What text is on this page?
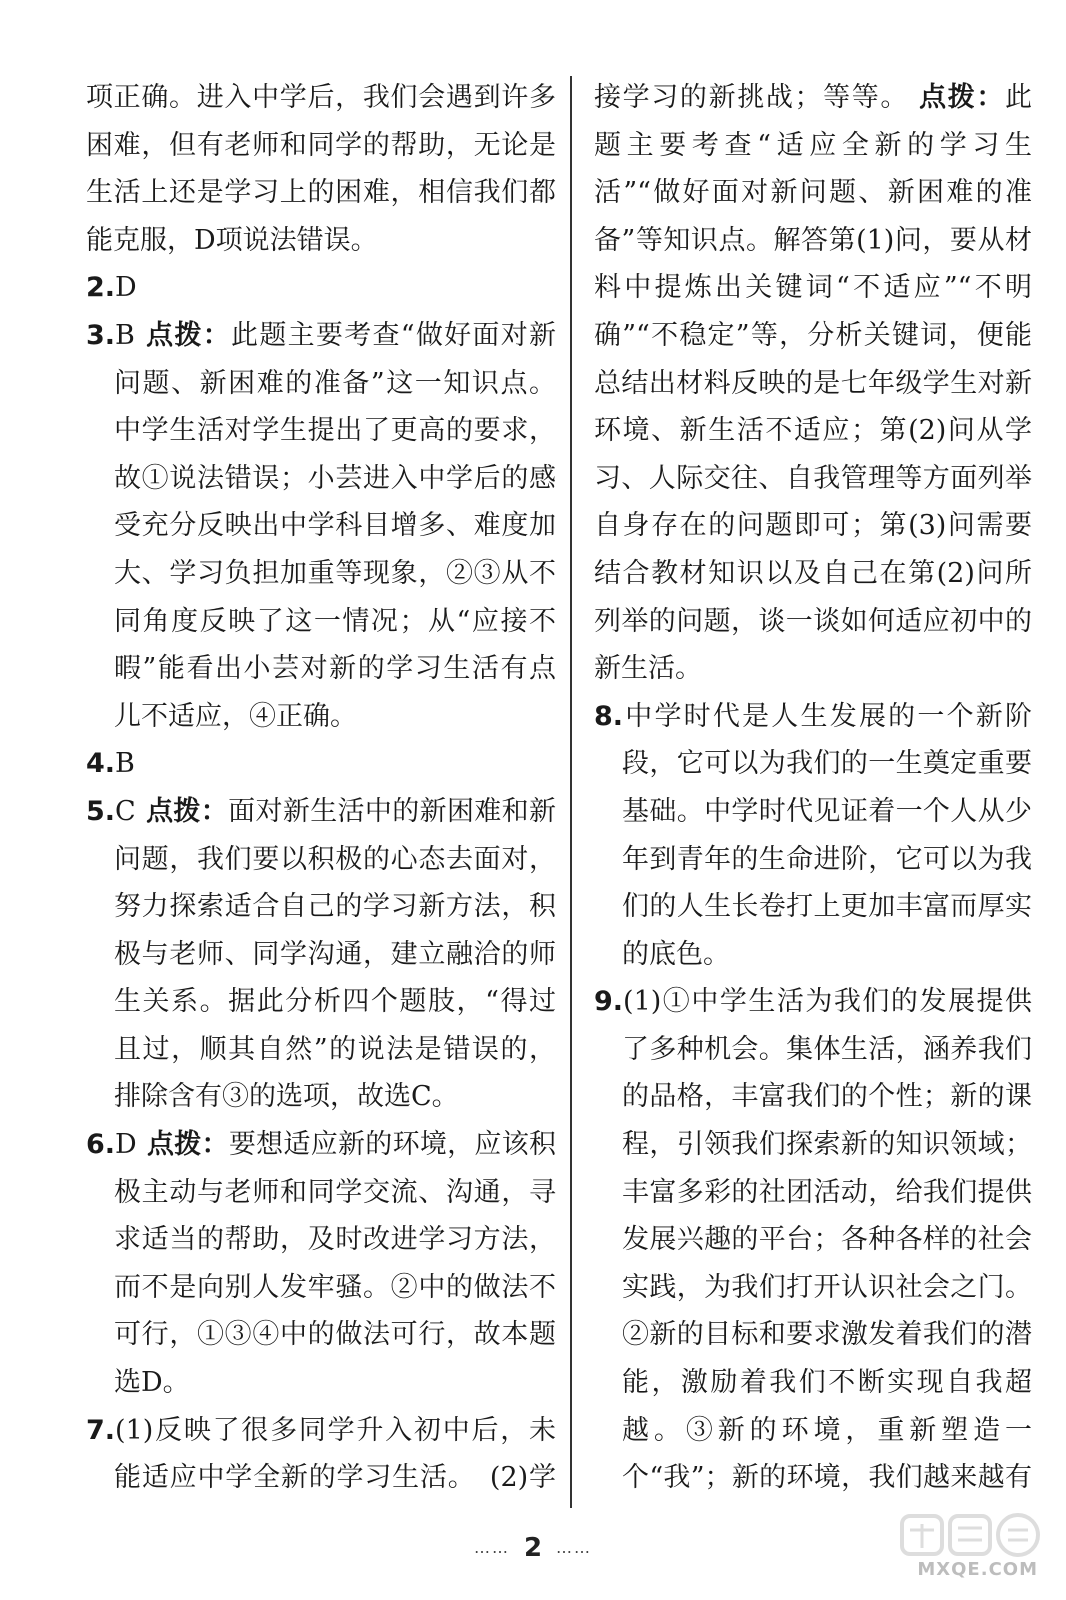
项正确。进入中学后，我们会遇到许多困难，但有老师和同学的帮助，无论是生活上还是学习上的困难，相信我们都能克服，D项说法错误。

2.D

3.B 点拨：此题主要考查“做好面对新问题、新困难的准备”这一知识点。中学生活对学生提出了更高的要求，故①说法错误；小芸进入中学后的感受充分反映出中学科目增多、难度加大、学习负担加重等现象，②③从不同角度反映了这一情况；从“应接不暇”能看出小芸对新的学习生活有点儿不适应，④正确。

4.B

5.C 点拨：面对新生活中的新困难和新问题，我们要以积极的心态去面对，努力探索适合自己的学习新方法，积极与老师、同学沟通，建立融洽的师生关系。据此分析四个题肢，“得过且过，顺其自然”的说法是错误的，排除含有③的选项，故选C。

6.D 点拨：要想适应新的环境，应该积极主动与老师和同学交流、沟通，寻求适当的帮助，及时改进学习方法，而不是向别人发牢骚。②中的做法不可行，①③④中的做法可行，故本题选D。

7.(1)反映了很多同学升入初中后，未能适应中学全新的学习生活。　(2)学　

接学习的新挑战；等等。 点拨：此题主要考查“适应全新的学习生活”“做好面对新问题、新困难的准备”等知识点。解答第(1)问，要从材料中提炼出关键词“不适应”“不明确”“不稳定”等，分析关键词，便能总结出材料反映的是七年级学生对新环境、新生活不适应；第(2)问从学习、人际交往、自我管理等方面列举自身存在的问题即可；第(3)问需要结合教材知识以及自己在第(2)问所列举的问题，谈一谈如何适应初中的新生活。

8.中学时代是人生发展的一个新阶段，它可以为我们的一生奠定重要基础。中学时代见证着一个人从少年到青年的生命进阶，它可以为我们的人生长卷打上更加丰富而厚实的底色。

9.(1)①中学生活为我们的发展提供了多种机会。集体生活，涵养我们的品格，丰富我们的个性；新的课程，引领我们探索新的知识领域；丰富多彩的社团活动，给我们提供发展兴趣的平台；各种各样的社会实践，为我们打开认识社会之门。②新的目标和要求激发着我们的潜能，激励着我们不断实现自我超越。③新的环境，重新塑造一个“我”；新的环境，我们越来越有　

…… 2 ……
MXQE.COM
